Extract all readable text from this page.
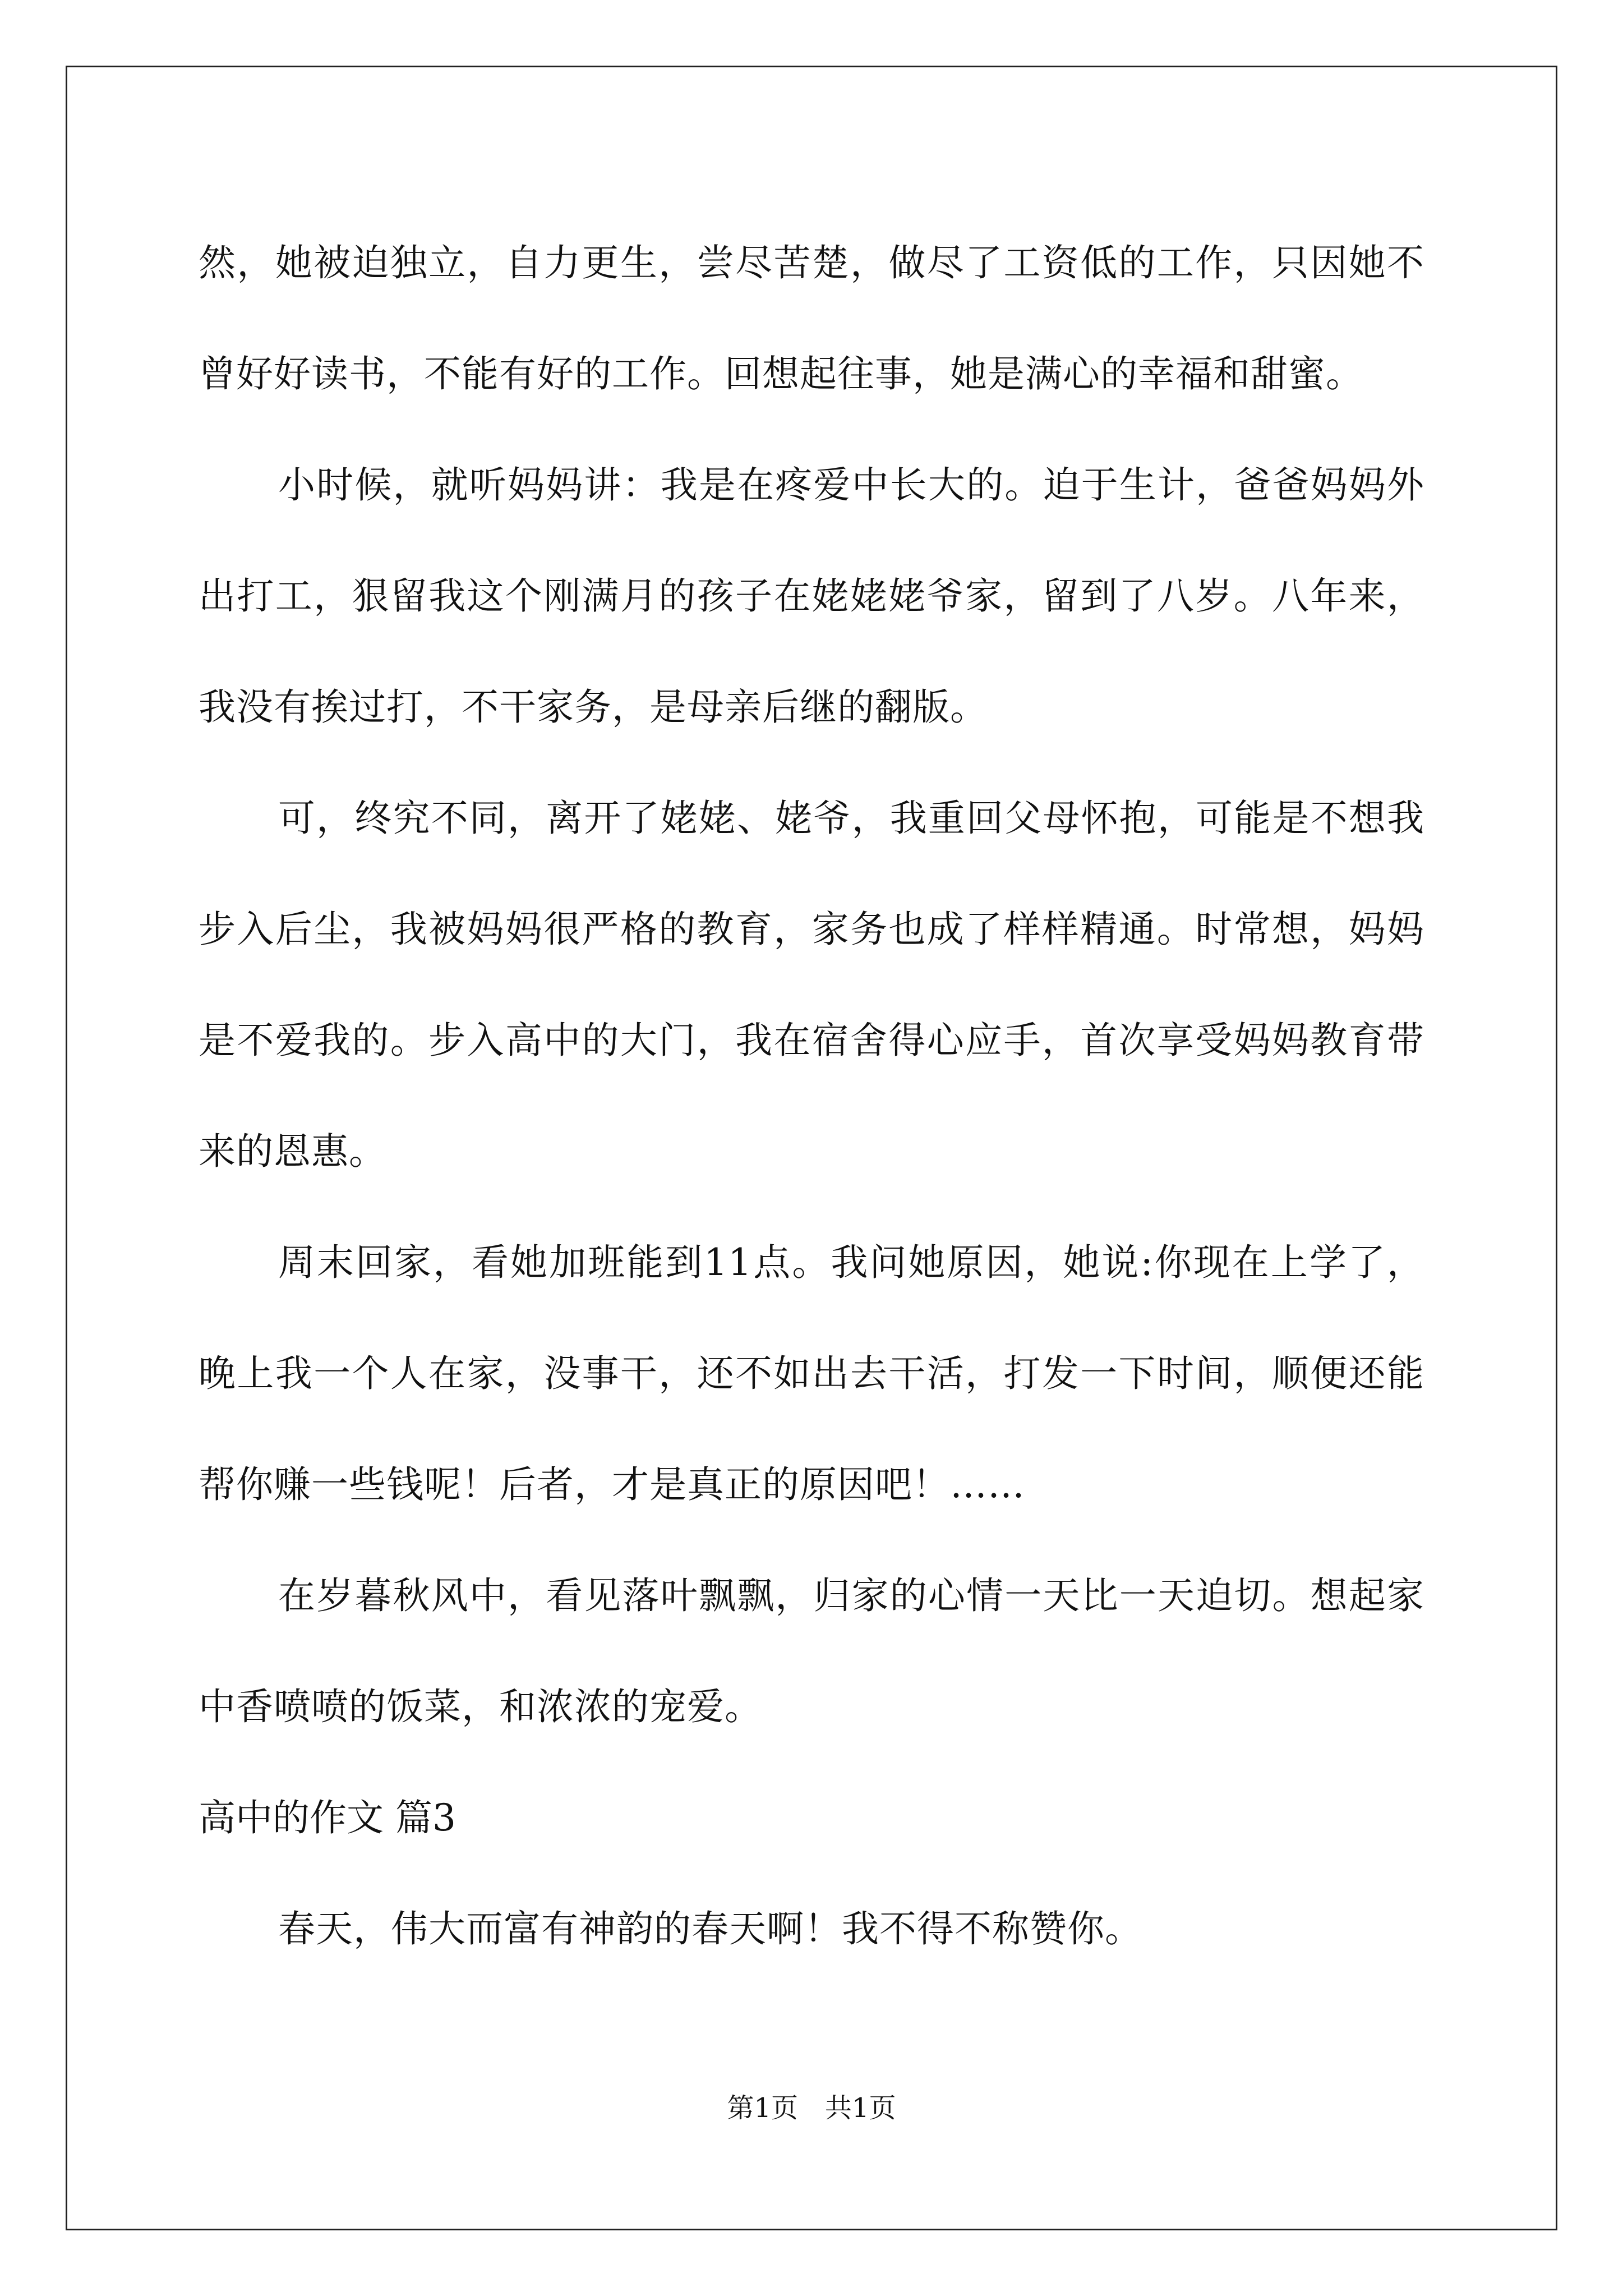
然，她被迫独立，自力更生，尝尽苦楚，做尽了工资低的工作，只因她不曾好好读书，不能有好的工作。回想起往事，她是满心的幸福和甜蜜。

小时候，就听妈妈讲：我是在疼爱中长大的。迫于生计，爸爸妈妈外出打工，狠留我这个刚满月的孩子在姥姥姥爷家，留到了八岁。八年来，我没有挨过打，不干家务，是母亲后继的翻版。

可，终究不同，离开了姥姥、姥爷，我重回父母怀抱，可能是不想我步入后尘，我被妈妈很严格的教育，家务也成了样样精通。时常想，妈妈是不爱我的。步入高中的大门，我在宿舍得心应手，首次享受妈妈教育带来的恩惠。

周末回家，看她加班能到11点。我问她原因，她说:你现在上学了，晚上我一个人在家，没事干，还不如出去干活，打发一下时间，顺便还能帮你赚一些钱呢！后者，才是真正的原因吧！……

在岁暮秋风中，看见落叶飘飘，归家的心情一天比一天迫切。想起家中香喷喷的饭菜，和浓浓的宠爱。

高中的作文 篇3

春天，伟大而富有神韵的春天啊！我不得不称赞你。

第1页 共1页
